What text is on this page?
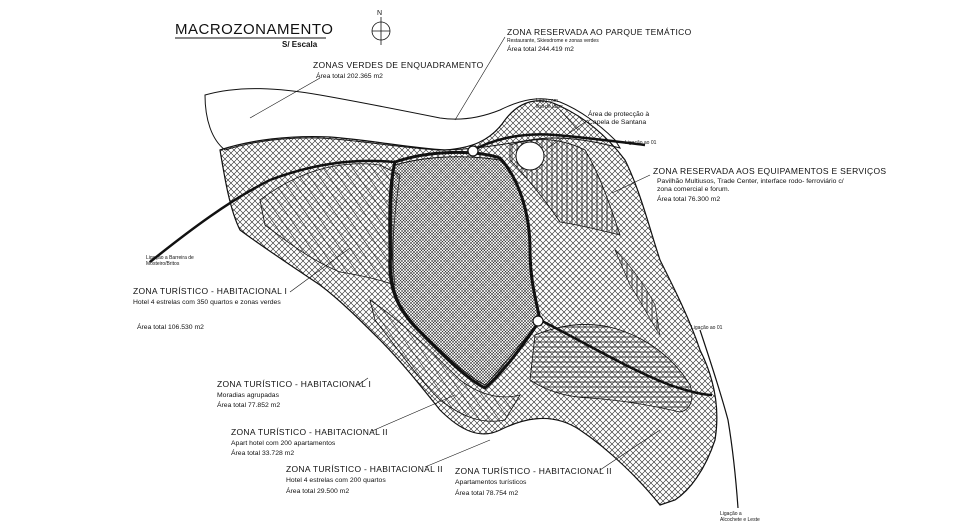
MACROZONAMENTO
S/ Escala
N
ZONAS VERDES DE ENQUADRAMENTO
Área total 202.365 m2
ZONA RESERVADA AO PARQUE TEMÁTICO
Restaurante, Skiesdrome e zonas verdes
Área total 244.419 m2
Lago com ilha de lazer
Área de protecção à Capela de Santana
Ligação ao 01
ZONA RESERVADA AOS EQUIPAMENTOS E SERVIÇOS
Pavilhão Multiusos, Trade Center, interface rodo- ferroviário c/
zona comercial e forum.
Área total 76.300 m2
Ligação a Barreira de Mosteiro/Britos
ZONA TURÍSTICO - HABITACIONAL I
Hotel 4 estrelas com 350 quartos e zonas verdes
Área total 106.530 m2	Ligação ao 01
ZONA TURÍSTICO - HABITACIONAL I
Moradias agrupadas
Área total 77.852 m2
ZONA TURÍSTICO - HABITACIONAL II
Apart hotel com 200 apartamentos
Área total 33.728 m2
ZONA TURÍSTICO - HABITACIONAL II
Hotel 4 estrelas com 200 quartos
Área total 29.500 m2
ZONA TURÍSTICO - HABITACIONAL II
Apartamentos turísticos
Área total 78.754 m2
Ligação a Alcochete e Leste
